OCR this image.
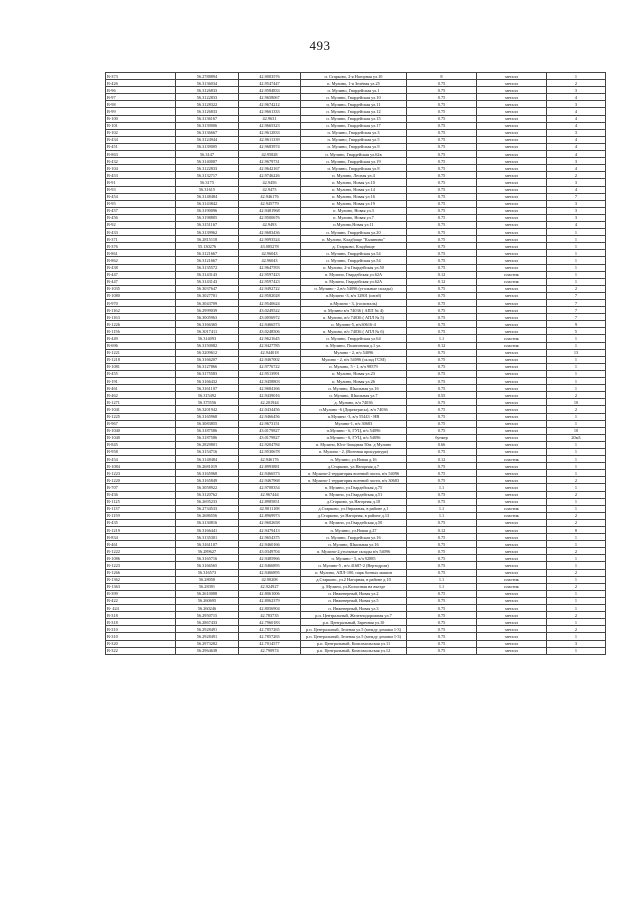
493
В-373	56.2788894	42.9003576	п. Старково, 2-я Нагорная ул.10	8	металл	1
В-426	56.3136034	42.9547447	п. Мулино, 1-я Зелёная ул.25	0.75	металл	2
В-96	56.3126833	42.9584833	п. Мулино, Гвардейская ул.1	0.75	металл	3
В-97	56.3122833	42.9658067	п. Мулино, Гвардейская ул.10	0.75	металл	4
В-98	56.3128322	42.9674212	п. Мулино, Гвардейская ул.11	0.75	металл	3
В-99	56.3126833	42.9661333	п. Мулино, Гвардейская ул.12	0.75	металл	4
В-100	56.3136167	42.9631	п. Мулино, Гвардейская ул.15	0.75	металл	4
В-101	56.3139006	42.9665323	п. Мулино, Гвардейская ул.17	0.75	металл	4
В-102	56.3136667	42.9612833	п. Мулино, Гвардейская ул.3	0.75	металл	3
В-434	56.3124944	42.9611339	п. Мулино, Гвардейская ул.5	0.75	металл	4
В-451	56.3139005	42.9683974	п. Мулино, Гвардейская ул.9	0.75	металл	4
В-863	56.3147	42.95828	п. Мулино, Гвардейская ул.62в	0.75	металл	4
В-432	56.3140007	42.9679731	п. Мулино, Гвардейская ул.19	0.75	металл	3
В-104	56.3122833	42.9642167	п. Мулино, Гвардейская ул.8	0.75	металл	4
В-453	56.3132717	42.9746226	п. Мулино, Лесная ул.4	0.75	металл	2
В-91	56.3175	42.9456	п. Мулино, Новая ул.10	0.75	металл	3
В-93	56.31615	42.9475	п. Мулино, Новая ул.14	0.75	металл	4
В-454	56.3148484	42.946176	п. Мулино, Новая ул.16	0.75	металл	7
В-95	56.3143842	42.945779	п. Мулино, Новая ул.19	0.75	металл	3
В-457	56.3190096	42.9481968	п. Мулино, Новая ул.3	0.75	металл	3
В-456	56.3198805	42.9500676	п. Мулино, Новая ул.7	0.75	металл	3
В-92	56.3151167	42.9493	п.Мулино,Новая ул.11	0.75	металл	4
В-433	56.3139962	42.9683436	п. Мулино, Гвардейская ул.20	0.75	металл	1
В-371	56.2815118	42.9093524	п. Мулино, Кладбище "Калинино"	0.75	металл	1
В-376	55.130276	43.085278	д. Старково, Кладбище	0.75	металл	1
В-861	56.3121667	42.96043	п. Мулино, Гвардейская ул.54	0.75	металл	1
В-862	56.3121667	42.96043	п. Мулино, Гвардейская ул.54	0.75	металл	1
В-438	56.3135572	42.9647593	п. Мулино, 2-я Гвардейская ул.50	0.75	металл	1
В-447	56.3143143	42.9597423	п. Мулино, Гвардейская ул.62А	0.12	пластик	1
В-447	56.3143143	42.9597423	п. Мулино, Гвардейская ул.62А	0.12	пластик	1
В-1035	56.3037647	42.9492722	п. Мулино - 2,в/ч 54096 (угольные склады)	0.75	металл	2
В-1080	56.3027701	42.9582028	п.Мулино -3, в/ч 12801 (штаб)	0.75	металл	7
В-970	56.3043709	42.9540624	п.Мулино - 3, (госпиталь)	0.75	металл	7
В-1162	56.2999039	43.0249522	п. Мулино в/ч 74036 ( АПЛ № 4)	0.75	металл	7
В-1163	56.3005963	43.0056972	п. Мулино, в/ч 74036 ( АПЛ № 5)	0.75	металл	7
В-1226	56.3166365	42.9466573	п. Мулино-5, в/ч30616-4	0.75	металл	9
В-1156	56.3017411	43.0248506	п. Мулино, в/ч 74036 ( АПЛ № 6)	0.75	металл	5
В-449	56.314093	42.9621645	п. Мулино, Гвардейская ул.64	1.1	пластик	1
В-696	56.3150082	42.9427785	п. Мулино, Полигонная д.1 ул.	0.12	пластик	1
В-1221	56.3209612	42.944018	Мулино - 2, в/ч 54096	0.75	металл	13
В-1218	56.3166207	42.9467002	Мулино - 2, в/ч 54096 (склад ГСМ)	0.75	металл	1
В-1081	56.3127866	42.9776722	п. Мулино, 5 - 1, в/ч 98579	0.75	металл	1
В-455	56.3175583	42.9513991	п. Мулино, Новая ул.23	0.75	металл	1
В-191	56.3166432	42.9458803	п. Мулино, Новая ул.26	0.75	металл	1
В-461	56.3161107	42.9684166	п. Мулино, Школьная ул.16	0.75	металл	1
В-462	56.315492	42.9439016	п. Мулино, Школьная ул.7	0.55	металл	2
В-1271	56.375556	42.201944	д. Мулино, в/ч 74036	0.75	металл	10
В-1041	56.3201942	42.0434456	п.Мулино -6 (Директрисы), в/ч 74036	0.75	металл	2
В-1225	56.3165968	42.9466456	п.Мулино -3, в/ч 55443 - НВ	0.75	металл	1
В-967	56.3083855	42.9673151	Мулино-1, в/ч 30683	0.75	металл	1
В-1040	56.3187586	43.0179827	п.Мулино - 6, ГУЦ, в/ч 54096	0.75	металл	10
В-1040	56.3187586	43.0179827	п.Мулино - 6, ГУЦ, в/ч 54096	бункер	металл	20м3
В-845	56.2829801	42.9204784	п. Мулино, Юго-Западная 50м. д Мулино	0.66	металл	1
В-958	56.3154716	42.9530678	п. Мулино - 2, (Военная прокуратура)	0.75	металл	1
В-454	56.3148484	42.946176	п. Мулино, ул.Новая д.16	0.12	пластик	1
В-1084	56.2681019	42.8993881	д.Старково, ул.Нагорная д.7	0.75	металл	1
В-1223	56.3165968	42.9466573	п. Мулино-2 территория военной части, в/ч 54096	0.75	металл	1
В-1220	56.3165849	42.9467968	п. Мулино-1 территория военной части, в/ч 30683	0.75	металл	2
В-707	56.3058922	42.9708354	в. Мулино, ул.Гвардейская д.75	1.1	металл	1
В-436	56.3120762	42.967444	п. Мулино, ул.Гвардейская д.51	0.75	металл	2
В-1125	56.2695233	42.8985851	д.Старково, ул.Нагорная д.18	0.75	металл	1
В-1137	56.2734533	42.9011108	д.Старково, ул.Овражная, в районе д.1	1.1	пластик	1
В-1159	56.2686556	42.8969973	д.Старково, ул.Нагорная, в районе д.13	1.1	пластик	2
В-435	56.3130816	42.9602658	п. Мулино, ул.Гвардейская д.50	0.75	металл	2
В-1219	56.3166441	42.9479413	п. Мулино, ул.Новая д.27	0.12	металл	8
В-834	56.3135301	42.9654375	п. Мулино, Гвардейская ул.16	0.75	металл	1
В-461	56.3161107	42.9460166	п. Мулино, Школьная ул.16	0.75	металл	1
В-1222	56.289627	43.0349704	п. Мулино-2,угольные склады в/ч 54096	0.75	металл	2
В-1086	56.3165716	42.9485966	п. Мулино - 5, в/ч 92885	0.75	металл	1
В-1223	56.3166565	42.9466895	п. Мулино-5 , в/ч 41687-2 (Вертодром)	0.75	металл	1
В-1266	56.316573	42.9466895	п. Мулино, АПЛ-100, парк боевых машин	0.75	металл	2
В-1362	56.28058	42.90208	д.Старково, ул.2 Нагорная, в районе д.10	1.1	пластик	1
В-1363	56.28391	42.924927	д. Мулино, ул.Колхозная на въезде	1.1	пластик	2
В-399	56.2610088	42.8061006	п. Инженерный, Новая ул.2	0.75	металл	1
В-422	56.260695	42.8062379	п. Инженерный, Новая ул.5	0.75	металл	1
В- 424	56.260246	42.8056904	п. Инженерный, Новая ул.3	0.75	металл	1
В-318	56.2950715	42.783735	р.п. Центральный, Железнодорожная ул.7	0.75	металл	2
В-318	56.2867433	42.7960183	р.п. Центральный, Заречная ул.10	0.75	металл	1
В-310	56.2928491	42.7857265	р.п. Центральный, Зеленая ул.5 (между домами 1-3)	0.75	металл	2
В-310	56.2928491	42.7857265	р.п. Центральный, Зеленая ул.5 (между домами 1-3)	0.75	металл	1
В-320	56.2973282	42.7014577	р.п. Центральный, Комсомольская ул.11	0.75	металл	3
В-322	56.2964638	42.790974	р.п. Центральный, Комсомольская ул.12	0.75	металл	1
